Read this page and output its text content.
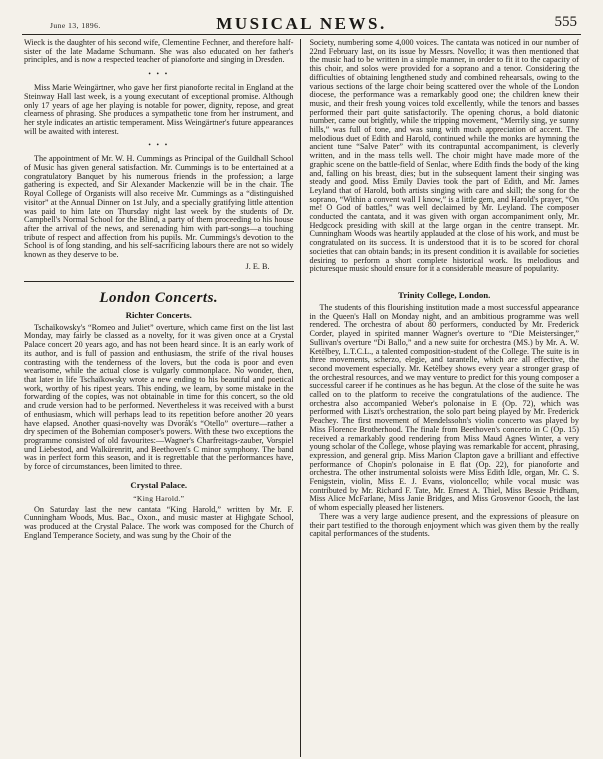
June 13, 1896.	MUSICAL NEWS.	555

Wieck is the daughter of his second wife, Clementine Fechner, and therefore half-sister of the late Madame Schumann. She was also educated on her father's principles, and is now a respected teacher of pianoforte and singing in Dresden.

• • •

Miss Marie Weingärtner, who gave her first pianoforte recital in England at the Steinway Hall last week, is a young executant of exceptional promise. Although only 17 years of age her playing is notable for power, dignity, repose, and great clearness of phrasing. She produces a sympathetic tone from her instrument, and her style indicates an artistic temperament. Miss Weingärtner's future appearances will be awaited with interest.

• • •

The appointment of Mr. W. H. Cummings as Principal of the Guildhall School of Music has given general satisfaction. Mr. Cummings is to be entertained at a congratulatory Banquet by his numerous friends in the profession; a large gathering is expected, and Sir Alexander Mackenzie will be in the chair. The Royal College of Organists will also receive Mr. Cummings as a “distinguished visitor” at the Annual Dinner on 1st July, and a specially gratifying little attention was paid to him late on Thursday night last week by the students of Dr. Campbell's Normal School for the Blind, a party of them proceeding to his house after the arrival of the news, and serenading him with part-songs—a touching tribute of respect and affection from his pupils. Mr. Cummings's devotion to the School is of long standing, and his self-sacrificing labours there are not so widely known as they deserve to be.

J. E. B.
London Concerts.
Richter Concerts.

Tschaïkowsky's “Romeo and Juliet” overture, which came first on the list last Monday, may fairly be classed as a novelty, for it was given once at a Crystal Palace concert 20 years ago, and has not been heard since. It is an early work of its author, and is full of passion and enthusiasm, the strife of the rival houses contrasting with the tenderness of the lovers, but the coda is poor and even wearisome, while the actual close is vulgarly commonplace. No wonder, then, that later in life Tschaïkowsky wrote a new ending to his beautiful and poetical work, worthy of his ripest years. This ending, we learn, by some mistake in the forwarding of the copies, was not obtainable in time for this concert, so the old and crude version had to be performed. Nevertheless it was received with a burst of enthusiasm, which will perhaps lead to its repetition before another 20 years have elapsed. Another quasi-novelty was Dvorák's “Otello” overture—rather a dry specimen of the Bohemian composer's powers. With these two exceptions the programme consisted of old favourites:—Wagner's Charfreitags-zauber, Vorspiel und Liebestod, and Walkürenritt, and Beethoven's C minor symphony. The band was in perfect form this season, and it is regrettable that the performances have, by force of circumstances, been limited to three.

Crystal Palace.
“King Harold.”

On Saturday last the new cantata “King Harold,” written by Mr. F. Cunningham Woods, Mus. Bac., Oxon., and music master at Highgate School, was produced at the Crystal Palace. The work was composed for the Church of England Temperance Society, and was sung by the Choir of the

Society, numbering some 4,000 voices. The cantata was noticed in our number of 22nd February last, on its issue by Messrs. Novello; it was then mentioned that the music had to be written in a simple manner, in order to fit it to the capacity of this choir, and solos were provided for a soprano and a tenor. Considering the difficulties of obtaining lengthened study and combined rehearsals, owing to the various sections of the large choir being scattered over the whole of the London diocese, the performance was a remarkably good one; the children knew their music, and their fresh young voices told excellently, while the tenors and basses performed their part quite satisfactorily. The opening chorus, a bold diatonic number, came out brightly, while the tripping movement, “Merrily sing, ye sunny hills,” was full of tone, and was sung with much appreciation of accent. The melodious duet of Edith and Harold, continued while the monks are hymning the ancient tune “Salve Pater” with its contrapuntal accompaniment, is cleverly written, and in the mass tells well. The choir might have made more of the graphic scene on the battle-field of Senlac, where Edith finds the body of the king and, falling on his breast, dies; but in the subsequent lament their singing was steady and good. Miss Emily Davies took the part of Edith, and Mr. James Leyland that of Harold, both artists singing with care and skill; the song for the soprano, “Within a convent wall I know,” is a little gem, and Harold's prayer, “On me! O God of battles,” was well declaimed by Mr. Leyland. The composer conducted the cantata, and it was given with organ accompaniment only, Mr. Hedgcock presiding with skill at the large organ in the centre transept. Mr. Cunningham Woods was heartily applauded at the close of his work, and must be congratulated on its success. It is understood that it is to be scored for choral societies that can obtain bands; in its present condition it is available for societies desiring to perform a short complete historical work. Its melodious and picturesque music should ensure for it a considerable measure of popularity.

Trinity College, London.

The students of this flourishing institution made a most successful appearance in the Queen's Hall on Monday night, and an ambitious programme was well rendered. The orchestra of about 80 performers, conducted by Mr. Frederick Corder, played in spirited manner Wagner's overture to “Die Meistersinger,” Sullivan's overture “Di Ballo,” and a new suite for orchestra (MS.) by Mr. A. W. Ketèlbey, L.T.C.L., a talented composition-student of the College. The suite is in three movements, scherzo, elegie, and tarantelle, which are all effective, the second movement especially. Mr. Ketèlbey shows every year a stronger grasp of the orchestral resources, and we may venture to predict for this young composer a successful career if he continues as he has begun. At the close of the suite he was called on to the platform to receive the congratulations of the audience. The orchestra also accompanied Weber's polonaise in E (Op. 72), which was performed with Liszt's orchestration, the solo part being played by Mr. Frederick Peachey. The first movement of Mendelssohn's violin concerto was played by Miss Florence Brotherhood. The finale from Beethoven's concerto in C (Op. 15) received a remarkably good rendering from Miss Maud Agnes Winter, a very young scholar of the College, whose playing was remarkable for accent, phrasing, expression, and general grip. Miss Marion Clapton gave a brilliant and effective performance of Chopin's polonaise in E flat (Op. 22), for pianoforte and orchestra. The other instrumental soloists were Miss Edith Idle, organ, Mr. C. S. Fenigstein, violin, Miss E. J. Evans, violoncello; while vocal music was contributed by Mr. Richard F. Tate, Mr. Ernest A. Thiel, Miss Bessie Pridham, Miss Alice McFarlane, Miss Janie Bridges, and Miss Grosvenor Gooch, the last of whom especially pleased her listeners.

There was a very large audience present, and the expressions of pleasure on their part testified to the thorough enjoyment which was given them by the really capital performances of the students.
